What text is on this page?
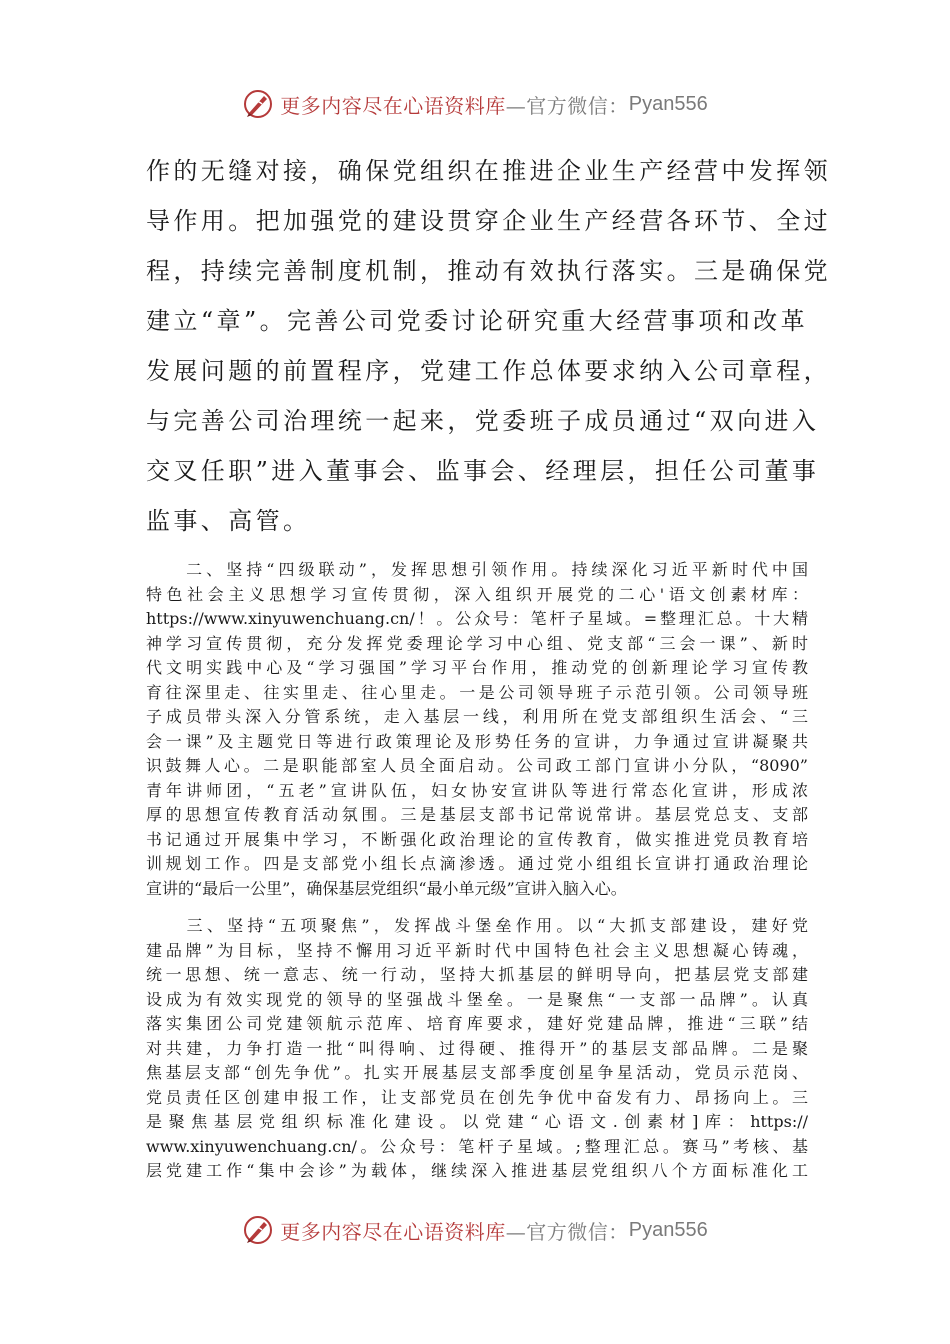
更多内容尽在心语资料库—官方微信： Pyan556
作的无缝对接，确保党组织在推进企业生产经营中发挥领
导作用。把加强党的建设贯穿企业生产经营各环节、全过
程，持续完善制度机制，推动有效执行落实。三是确保党
建立“章”。完善公司党委讨论研究重大经营事项和改革
发展问题的前置程序，党建工作总体要求纳入公司章程，
与完善公司治理统一起来，党委班子成员通过“双向进入
交叉任职”进入董事会、监事会、经理层，担任公司董事
监事、高管。
　　二、坚持“四级联动”，发挥思想引领作用。持续深化习近平新时代中国
特色社会主义思想学习宣传贯彻，深入组织开展党的二心'语文创素材库：
https://www.xinyuwenchuang.cn/！。公众号：笔杆子星域。=整理汇总。十大精
神学习宣传贯彻，充分发挥党委理论学习中心组、党支部“三会一课”、新时
代文明实践中心及“学习强国”学习平台作用，推动党的创新理论学习宣传教
育往深里走、往实里走、往心里走。一是公司领导班子示范引领。公司领导班
子成员带头深入分管系统，走入基层一线，利用所在党支部组织生活会、“三
会一课”及主题党日等进行政策理论及形势任务的宣讲，力争通过宣讲凝聚共
识鼓舞人心。二是职能部室人员全面启动。公司政工部门宣讲小分队，“8090”
青年讲师团，“五老”宣讲队伍，妇女协安宣讲队等进行常态化宣讲，形成浓
厚的思想宣传教育活动氛围。三是基层支部书记常说常讲。基层党总支、支部
书记通过开展集中学习，不断强化政治理论的宣传教育，做实推进党员教育培
训规划工作。四是支部党小组长点滴渗透。通过党小组组长宣讲打通政治理论
宣讲的“最后一公里”，确保基层党组织“最小单元级”宣讲入脑入心。
　　三、坚持“五项聚焦”，发挥战斗堡垒作用。以“大抓支部建设，建好党
建品牌”为目标，坚持不懈用习近平新时代中国特色社会主义思想凝心铸魂，
统一思想、统一意志、统一行动，坚持大抓基层的鲜明导向，把基层党支部建
设成为有效实现党的领导的坚强战斗堡垒。一是聚焦“一支部一品牌”。认真
落实集团公司党建领航示范库、培育库要求，建好党建品牌，推进“三联”结
对共建，力争打造一批“叫得响、过得硬、推得开”的基层支部品牌。二是聚
焦基层支部“创先争优”。扎实开展基层支部季度创星争星活动，党员示范岗、
党员责任区创建申报工作，让支部党员在创先争优中奋发有力、昂扬向上。三
是聚焦基层党组织标准化建设。以党建“心语文.创素材]库：https://
www.xinyuwenchuang.cn/。公众号：笔杆子星域。;整理汇总。赛马”考核、基
层党建工作“集中会诊”为载体，继续深入推进基层党组织八个方面标准化工
更多内容尽在心语资料库—官方微信： Pyan556
